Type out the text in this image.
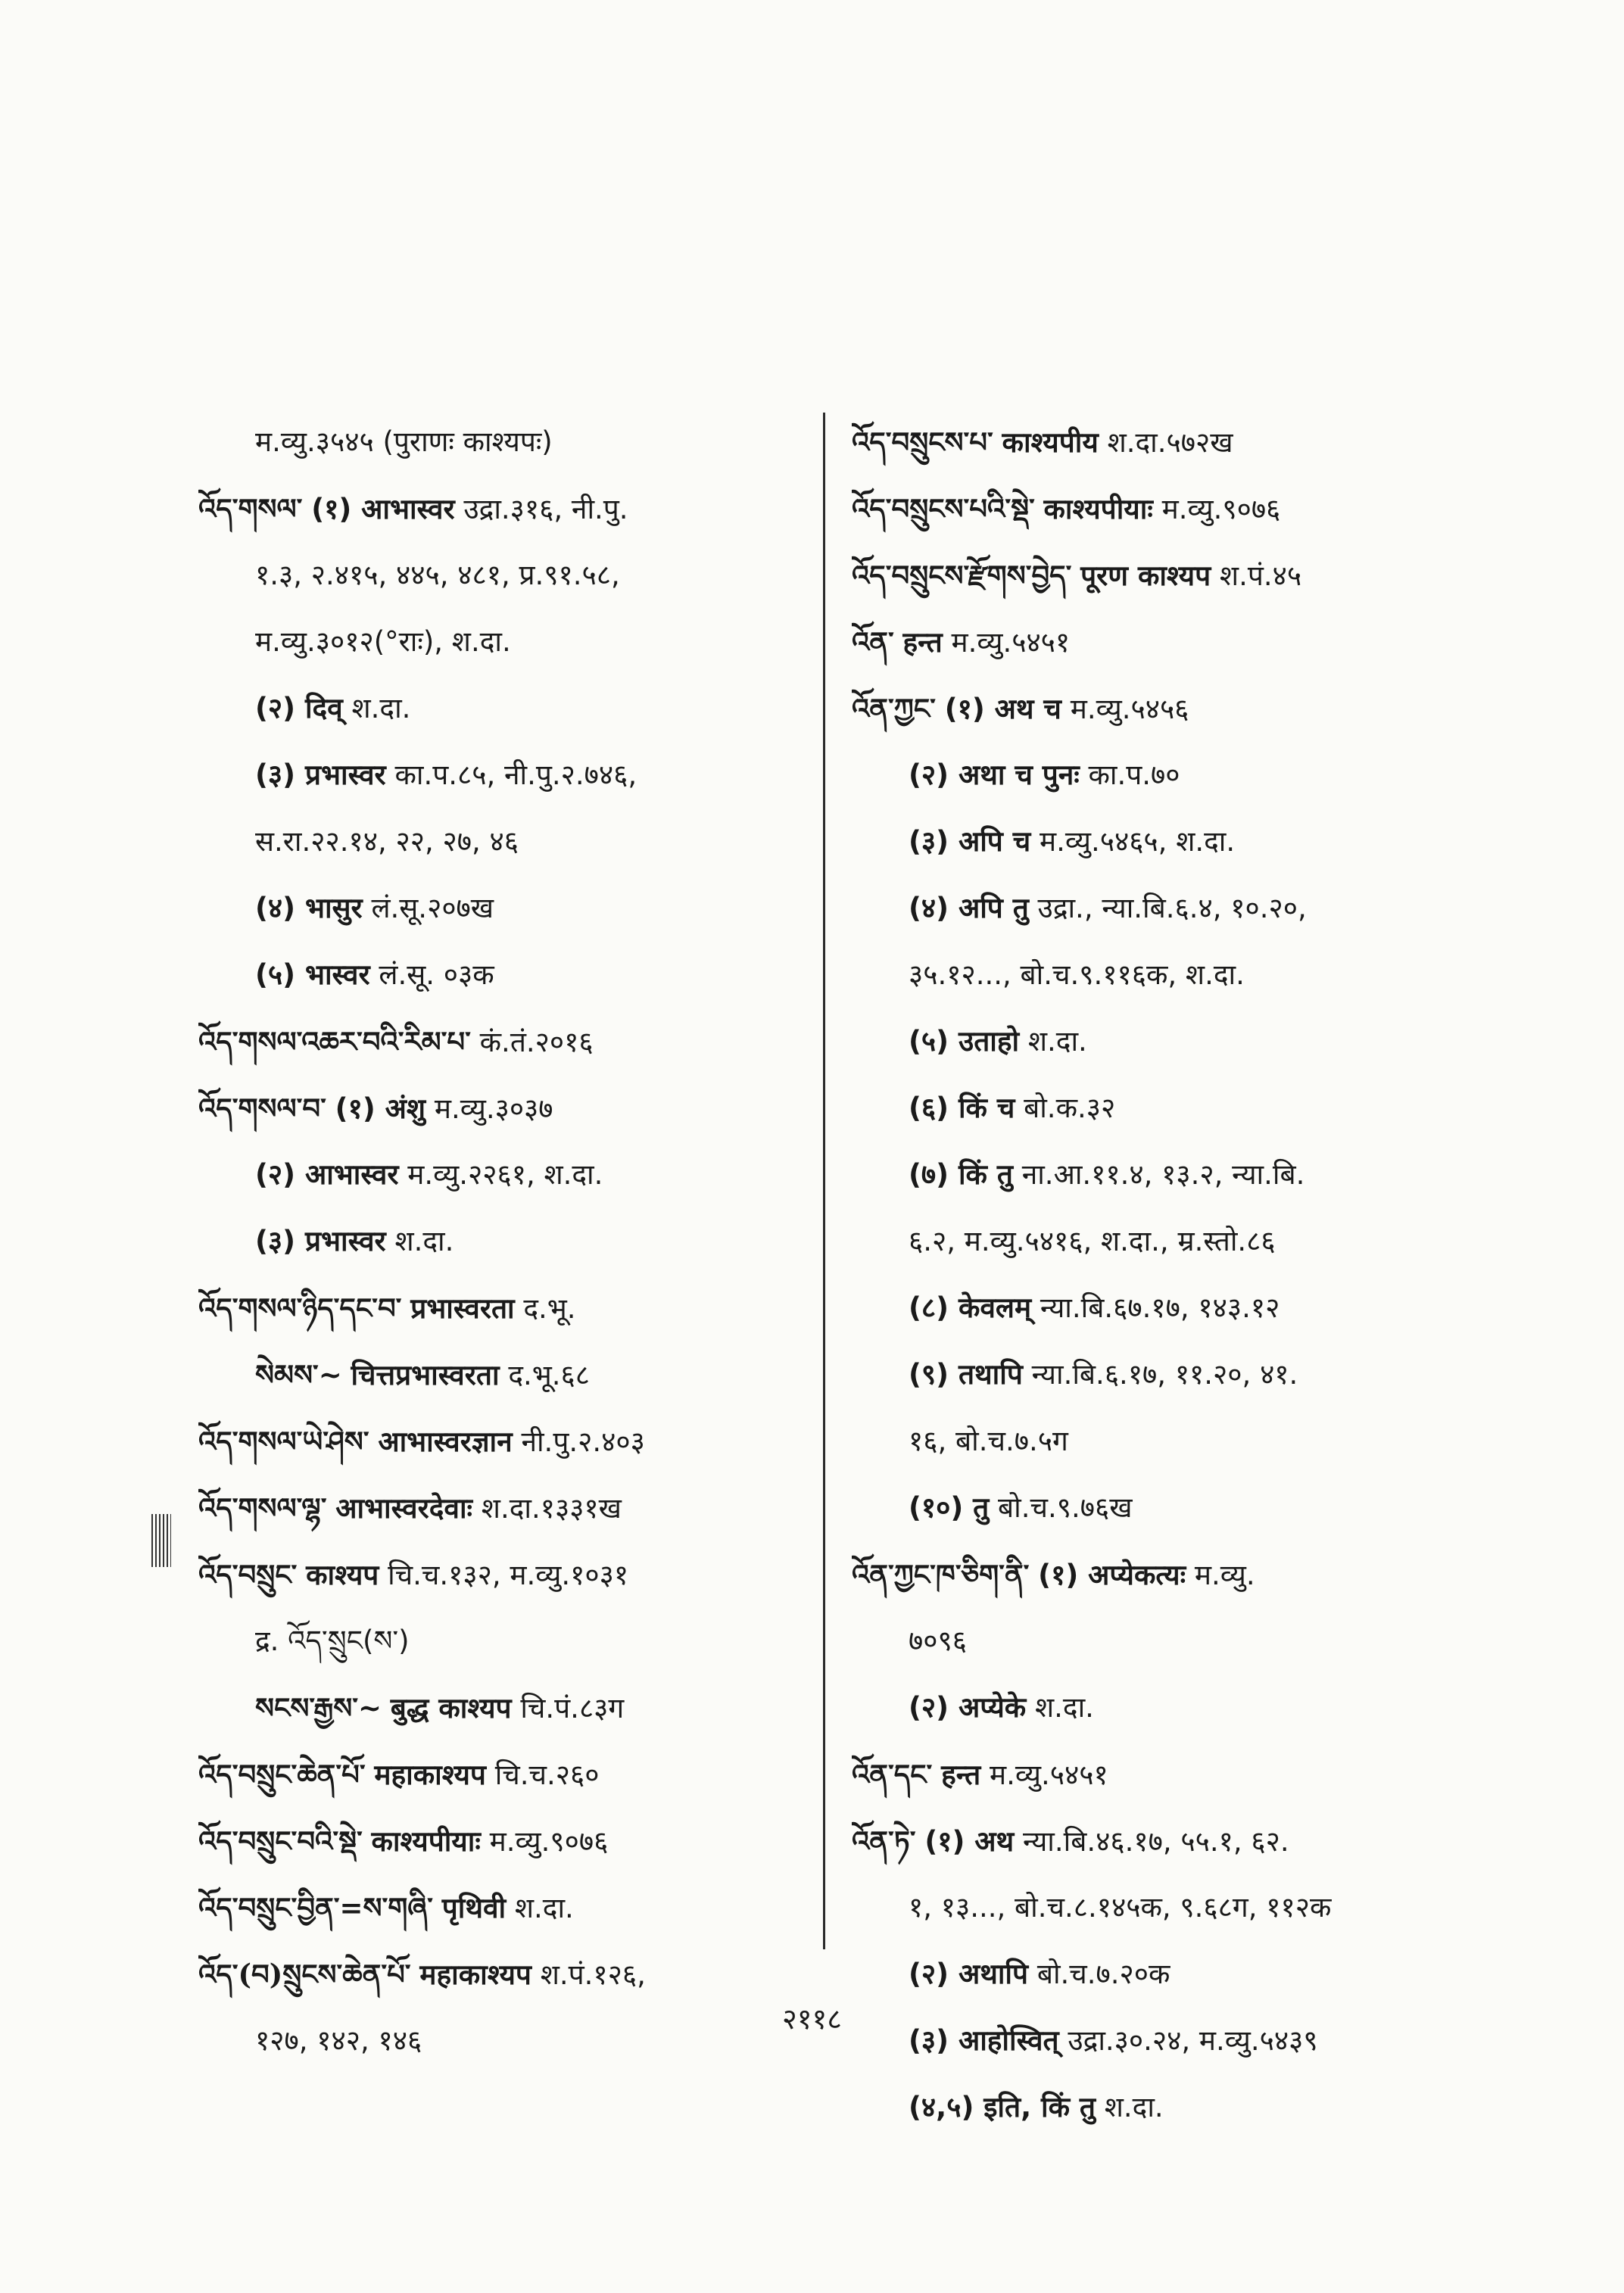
म.व्यु.३५४५ (पुराणः काश्यपः)
འོད་གསལ་ (१) आभास्वर उद्रा.३१६, नी.पु.
१.३, २.४१५, ४४५, ४८१, प्र.९१.५८,
म.व्यु.३०१२(°राः), श.दा.
(२) दिव् श.दा.
(३) प्रभास्वर का.प.८५, नी.पु.२.७४६,
स.रा.२२.१४, २२, २७, ४६
(४) भासुर लं.सू.२०७ख
(५) भास्वर लं.सू. ०३क
འོད་གསལ་འཆར་བའི་རིམ་པ་ कं.तं.२०१६
འོད་གསལ་བ་ (१) अंशु म.व्यु.३०३७
(२) आभास्वर म.व्यु.२२६१, श.दा.
(३) प्रभास्वर श.दा.
འོད་གསལ་ཉིད་དང་བ་ प्रभास्वरता द.भू.
སེམས་~ चित्तप्रभास्वरता द.भू.६८
འོད་གསལ་ཡེ་ཤེས་ आभास्वरज्ञान नी.पु.२.४०३
འོད་གསལ་ལྷ་ आभास्वरदेवाः श.दा.१३३१ख
འོད་བསྲུང་ काश्यप चि.च.१३२, म.व्यु.१०३१
द्र. འོད་སྲུང(ས་)
སངས་རྒྱས་~ बुद्ध काश्यप चि.पं.८३ग
འོད་བསྲུང་ཆེན་པོ་ महाकाश्यप चि.च.२६०
འོད་བསྲུང་བའི་སྡེ་ काश्यपीयाः म.व्यु.९०७६
འོད་བསྲུང་བྱིན་=ས་གཞི་ पृथिवी श.दा.
འོད་(བ)སྲུངས་ཆེན་པོ་ महाकाश्यप श.पं.१२६,
१२७, १४२, १४६
འོད་བསྲུངས་པ་ काश्यपीय श.दा.५७२ख
འོད་བསྲུངས་པའི་སྡེ་ काश्यपीयाः म.व्यु.९०७६
འོད་བསྲུངས་རྫོགས་བྱེད་ पूरण काश्यप श.पं.४५
འོན་ हन्त म.व्यु.५४५१
འོན་ཀྱང་ (१) अथ च म.व्यु.५४५६
(२) अथा च पुनः का.प.७०
(३) अपि च म.व्यु.५४६५, श.दा.
(४) अपि तु उद्रा., न्या.बि.६.४, १०.२०,
३५.१२..., बो.च.९.११६क, श.दा.
(५) उताहो श.दा.
(६) किं च बो.क.३२
(७) किं तु ना.आ.११.४, १३.२, न्या.बि.
६.२, म.व्यु.५४१६, श.दा., म्र.स्तो.८६
(८) केवलम् न्या.बि.६७.१७, १४३.१२
(९) तथापि न्या.बि.६.१७, ११.२०, ४१.
१६, बो.च.७.५ग
(१०) तु बो.च.९.७६ख
འོན་ཀྱང་ཁ་ཅིག་ནི་ (१) अप्येकत्यः म.व्यु.
७०९६
(२) अप्येके श.दा.
འོན་དང་ हन्त म.व्यु.५४५१
འོན་ཏེ་ (१) अथ न्या.बि.४६.१७, ५५.१, ६२.
१, १३..., बो.च.८.१४५क, ९.६८ग, ११२क
(२) अथापि बो.च.७.२०क
(३) आहोस्वित् उद्रा.३०.२४, म.व्यु.५४३९
(४,५) इति, किं तु श.दा.
२११८
